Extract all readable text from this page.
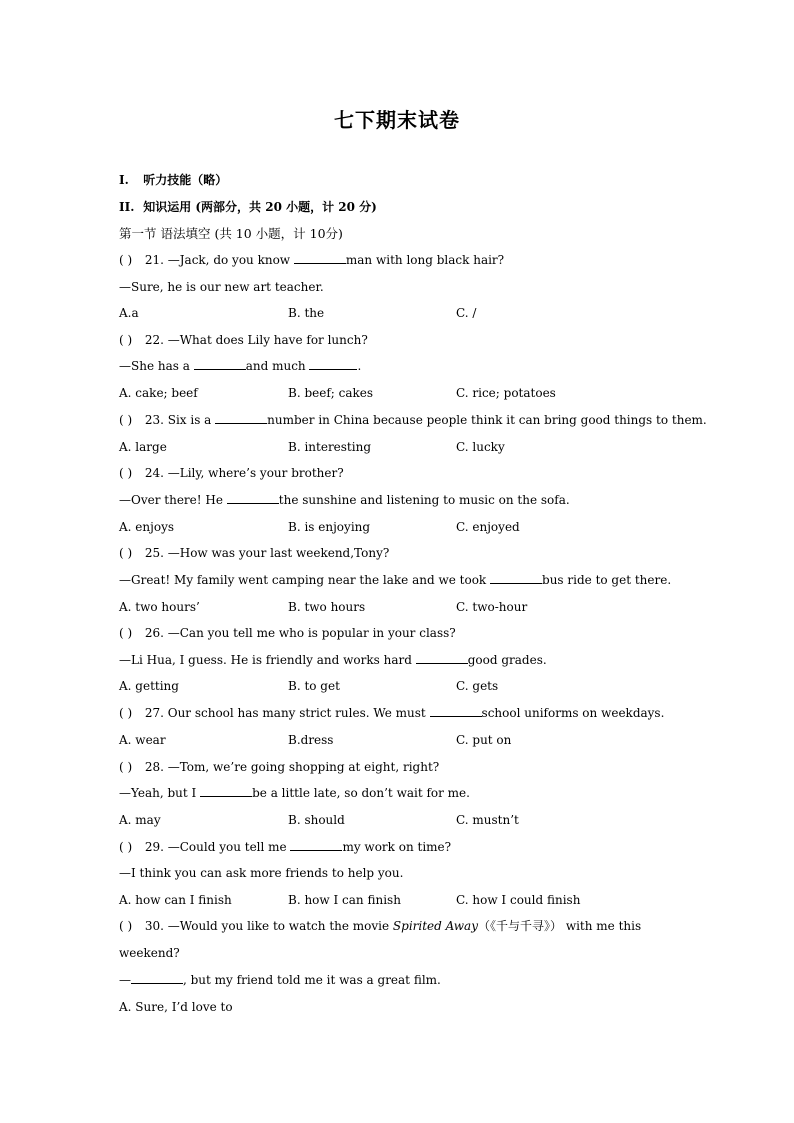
七下期末试卷
I. 听力技能（略）
II. 知识运用 (两部分，共 20 小题，计 20 分)
第一节 语法填空 (共 10 小题，计 10分)
( ) 21. —Jack, do you know	man with long black hair?
—Sure, he is our new art teacher.
A.a	B. the	C. /
( ) 22. —What does Lily have for lunch?
—She has a	and much	.
A. cake; beef	B. beef; cakes	C. rice; potatoes
( ) 23. Six is a	number in China because people think it can bring good things to them.
A. large	B. interesting	C. lucky
( ) 24. —Lily, where’s your brother?
—Over there! He	the sunshine and listening to music on the sofa.
A. enjoys	B. is enjoying	C. enjoyed
( ) 25. —How was your last weekend,Tony?
—Great! My family went camping near the lake and we took	bus ride to get there.
A. two hours’	B. two hours	C. two-hour
( ) 26. —Can you tell me who is popular in your class?
—Li Hua, I guess. He is friendly and works hard	good grades.
A. getting	B. to get	C. gets
( ) 27. Our school has many strict rules. We must	school uniforms on weekdays.
A. wear	B.dress	C. put on
( ) 28. —Tom, we’re going shopping at eight, right?
—Yeah, but I	be a little late, so don’t wait for me.
A. may	B. should	C. mustn’t
( ) 29. —Could you tell me	my work on time?
—I think you can ask more friends to help you.
A. how can I finish	B. how I can finish	C. how I could finish
( ) 30. —Would you like to watch the movie Spirited Away（《千与千寻》） with me this
weekend?
—	, but my friend told me it was a great film.
A. Sure, I’d love to
